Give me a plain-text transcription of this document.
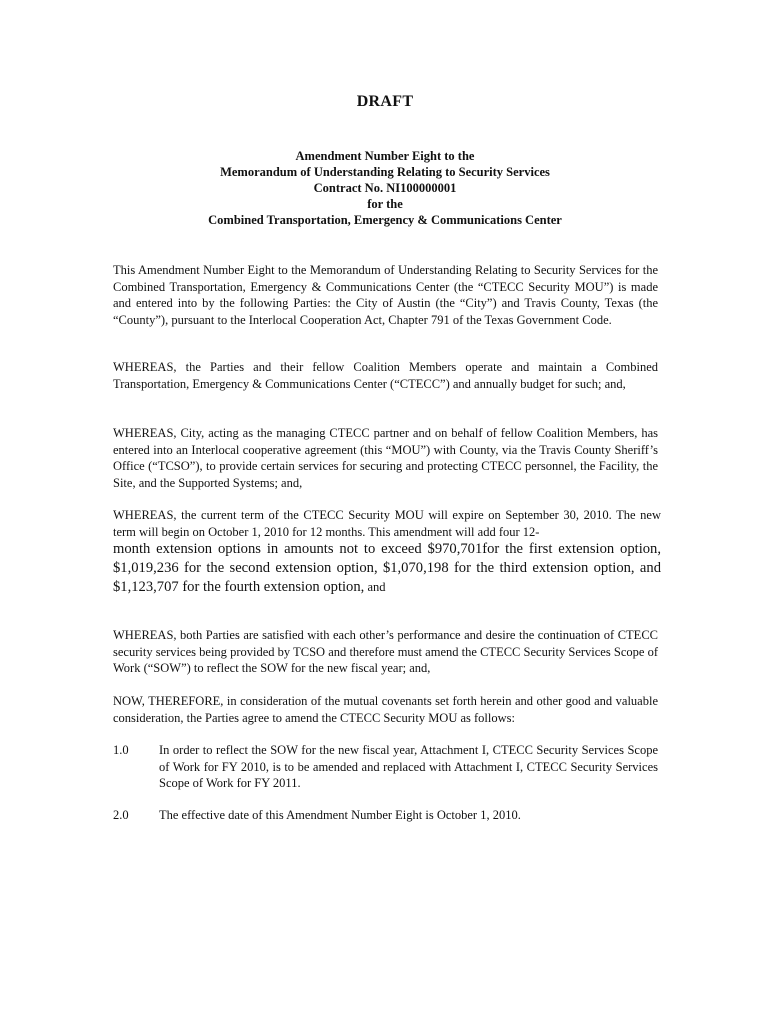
DRAFT
Amendment Number Eight to the
Memorandum of Understanding Relating to Security Services
Contract No. NI100000001
for the
Combined Transportation, Emergency & Communications Center

This Amendment Number Eight to the Memorandum of Understanding Relating to Security Services for the Combined Transportation, Emergency & Communications Center (the “CTECC Security MOU”) is made and entered into by the following Parties: the City of Austin (the “City”) and Travis County, Texas (the “County”), pursuant to the Interlocal Cooperation Act, Chapter 791 of the Texas Government Code.

WHEREAS, the Parties and their fellow Coalition Members operate and maintain a Combined Transportation, Emergency & Communications Center (“CTECC”) and annually budget for such; and,

WHEREAS, City, acting as the managing CTECC partner and on behalf of fellow Coalition Members, has entered into an Interlocal cooperative agreement (this “MOU”) with County, via the Travis County Sheriff’s Office (“TCSO”), to provide certain services for securing and protecting CTECC personnel, the Facility, the Site, and the Supported Systems; and,

WHEREAS, the current term of the CTECC Security MOU will expire on September 30, 2010. The new term will begin on October 1, 2010 for 12 months. This amendment will add four 12-
month extension options in amounts not to exceed $970,701for the first extension option, $1,019,236 for the second extension option, $1,070,198 for the third extension option, and $1,123,707 for the fourth extension option, and

WHEREAS, both Parties are satisfied with each other’s performance and desire the continuation of CTECC security services being provided by TCSO and therefore must amend the CTECC Security Services Scope of Work (“SOW”) to reflect the SOW for the new fiscal year; and,

NOW, THEREFORE, in consideration of the mutual covenants set forth herein and other good and valuable consideration, the Parties agree to amend the CTECC Security MOU as follows:

1.0	In order to reflect the SOW for the new fiscal year, Attachment I, CTECC Security Services Scope of Work for FY 2010, is to be amended and replaced with Attachment I, CTECC Security Services Scope of Work for FY 2011.
2.0	The effective date of this Amendment Number Eight is October 1, 2010.
